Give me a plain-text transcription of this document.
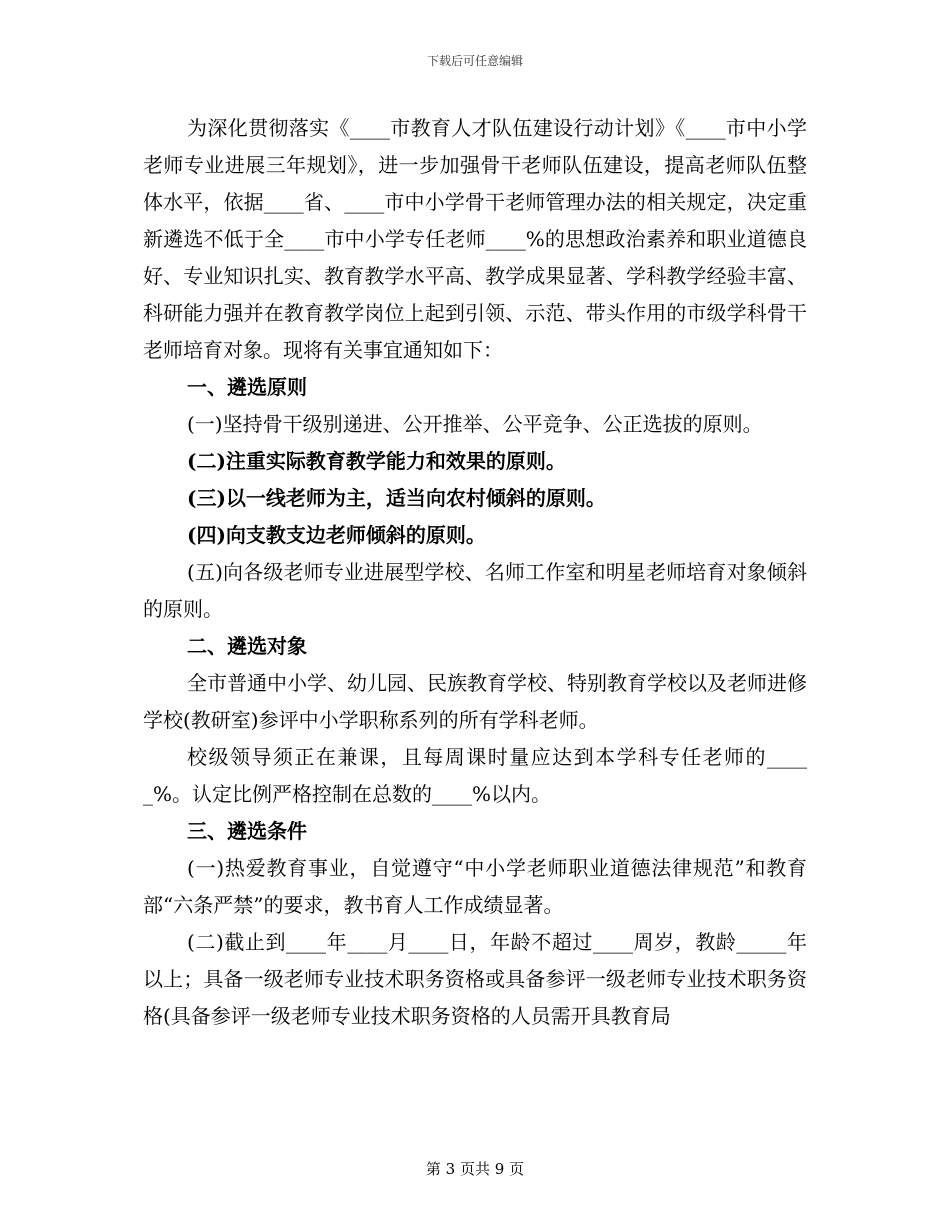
下载后可任意编辑

为深化贯彻落实《____市教育人才队伍建设行动计划》《____市中小学老师专业进展三年规划》，进一步加强骨干老师队伍建设，提高老师队伍整体水平，依据____省、____市中小学骨干老师管理办法的相关规定，决定重新遴选不低于全____市中小学专任老师____%的思想政治素养和职业道德良好、专业知识扎实、教育教学水平高、教学成果显著、学科教学经验丰富、科研能力强并在教育教学岗位上起到引领、示范、带头作用的市级学科骨干老师培育对象。现将有关事宜通知如下：

一、遴选原则

(一)坚持骨干级别递进、公开推举、公平竞争、公正选拔的原则。

(二)注重实际教育教学能力和效果的原则。

(三)以一线老师为主，适当向农村倾斜的原则。

(四)向支教支边老师倾斜的原则。

(五)向各级老师专业进展型学校、名师工作室和明星老师培育对象倾斜的原则。

二、遴选对象

全市普通中小学、幼儿园、民族教育学校、特别教育学校以及老师进修学校(教研室)参评中小学职称系列的所有学科老师。

校级领导须正在兼课，且每周课时量应达到本学科专任老师的_____%。认定比例严格控制在总数的____%以内。

三、遴选条件

(一)热爱教育事业，自觉遵守“中小学老师职业道德法律规范”和教育部“六条严禁”的要求，教书育人工作成绩显著。

(二)截止到____年____月____日，年龄不超过____周岁，教龄_____年以上；具备一级老师专业技术职务资格或具备参评一级老师专业技术职务资格(具备参评一级老师专业技术职务资格的人员需开具教育局

第 3 页共 9 页
